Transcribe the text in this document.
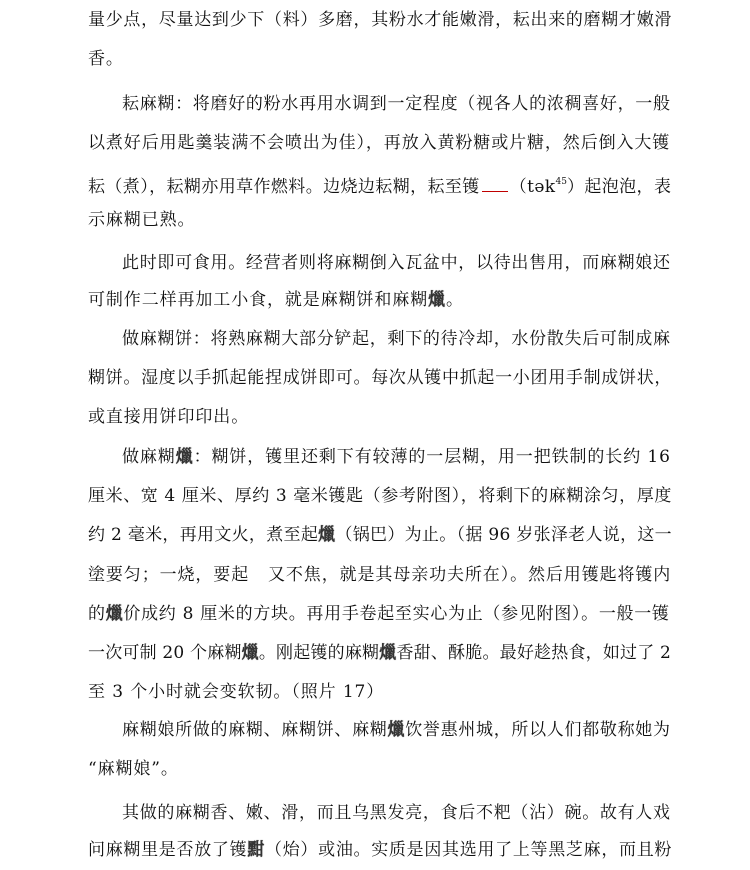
量少点，尽量达到少下（料）多磨，其粉水才能嫩滑，耘出来的磨糊才嫩滑
香。
耘麻糊：将磨好的粉水再用水调到一定程度（视各人的浓稠喜好，一般
以煮好后用匙羹装满不会喷出为佳），再放入黄粉糖或片糖，然后倒入大镬
耘（煮），耘糊亦用草作燃料。边烧边耘糊，耘至镬 （tək$^{45}$）起泡泡，表
示麻糊已熟。
此时即可食用。经营者则将麻糊倒入瓦盆中，以待出售用，而麻糊娘还
可制作二样再加工小食，就是麻糊饼和麻糊爉。
做麻糊饼：将熟麻糊大部分铲起，剩下的待冷却，水份散失后可制成麻
糊饼。湿度以手抓起能捏成饼即可。每次从镬中抓起一小团用手制成饼状，
或直接用饼印印出。
做麻糊爉：糊饼，镬里还剩下有较薄的一层糊，用一把铁制的长约 16
厘米、宽 4 厘米、厚约 3 毫米镬匙（参考附图），将剩下的麻糊涂匀，厚度
约 2 毫米，再用文火，煮至起爉（锅巴）为止。（据 96 岁张泽老人说，这一
塗要匀；一烧，要起   又不焦，就是其母亲功夫所在）。然后用镬匙将镬内
的爉价成约 8 厘米的方块。再用手卷起至实心为止（参见附图）。一般一镬
一次可制 20 个麻糊爉。刚起镬的麻糊爉香甜、酥脆。最好趁热食，如过了 2
至 3 个小时就会变软韧。（照片 17）
麻糊娘所做的麻糊、麻糊饼、麻糊爉饮誉惠州城，所以人们都敬称她为
“麻糊娘”。
其做的麻糊香、嫩、滑，而且乌黑发亮，食后不粑（沾）碗。故有人戏
问麻糊里是否放了镬黚（炲）或油。实质是因其选用了上等黑芝麻，而且粉
